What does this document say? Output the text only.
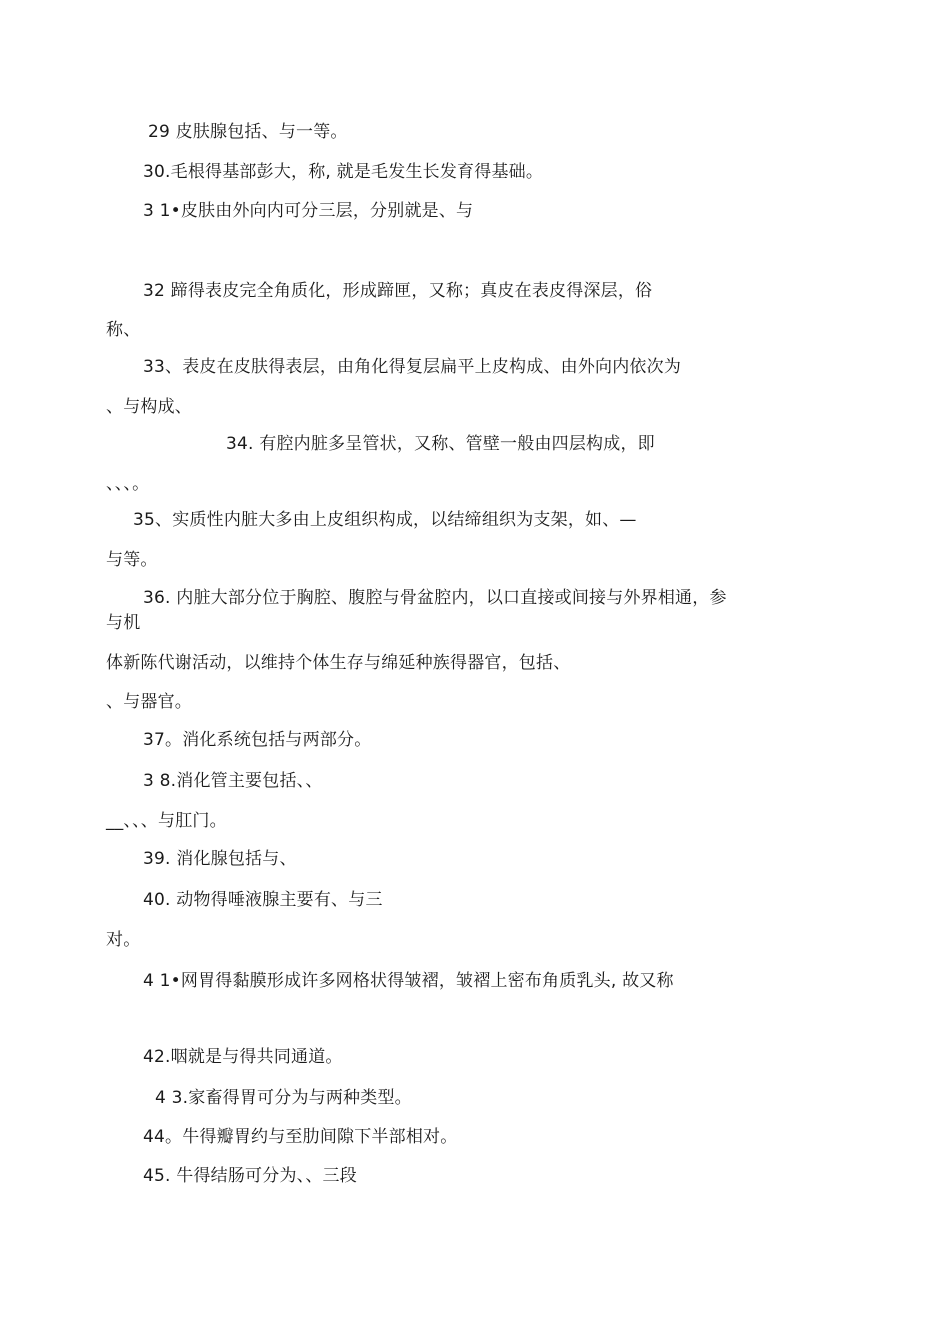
29 皮肤腺包括、与一等。
30.毛根得基部彭大，称, 就是毛发生长发育得基础。
3 1•皮肤由外向内可分三层，分别就是、与
32 蹄得表皮完全角质化，形成蹄匣，又称；真皮在表皮得深层，俗
称、
33、表皮在皮肤得表层，由角化得复层扁平上皮构成、由外向内依次为
、与构成、
34. 有腔内脏多呈管状，又称、管壁一般由四层构成，即
、、、。
35、实质性内脏大多由上皮组织构成，以结缔组织为支架，如、—
与等。
36. 内脏大部分位于胸腔、腹腔与骨盆腔内，以口直接或间接与外界相通，参
与机
体新陈代谢活动，以维持个体生存与绵延种族得器官，包括、
、与器官。
37。消化系统包括与两部分。
3 8.消化管主要包括、、
__、、、与肛门。
39. 消化腺包括与、
40. 动物得唾液腺主要有、与三
对。
4 1•网胃得黏膜形成许多网格状得皱褶，皱褶上密布角质乳头, 故又称
42.咽就是与得共同通道。
4 3.家畜得胃可分为与两种类型。
44。牛得瓣胃约与至肋间隙下半部相对。
45. 牛得结肠可分为、、三段
